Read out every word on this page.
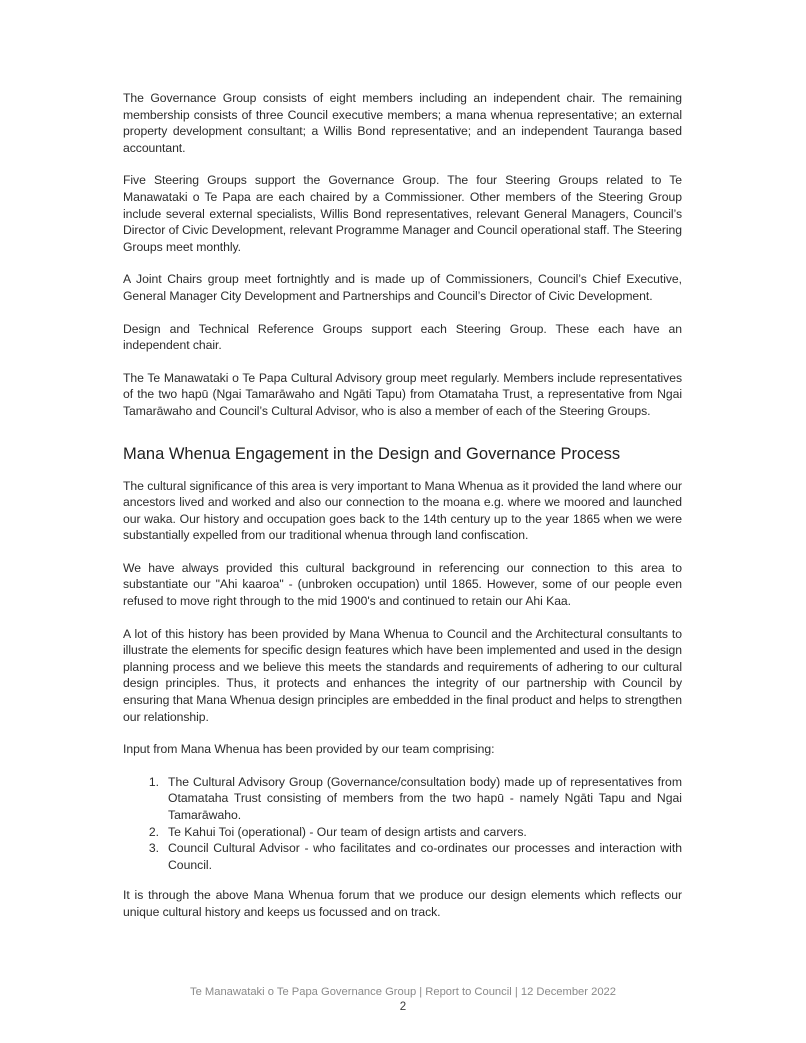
The Governance Group consists of eight members including an independent chair. The remaining membership consists of three Council executive members; a mana whenua representative; an external property development consultant; a Willis Bond representative; and an independent Tauranga based accountant.

Five Steering Groups support the Governance Group. The four Steering Groups related to Te Manawataki o Te Papa are each chaired by a Commissioner. Other members of the Steering Group include several external specialists, Willis Bond representatives, relevant General Managers, Council’s Director of Civic Development, relevant Programme Manager and Council operational staff. The Steering Groups meet monthly.

A Joint Chairs group meet fortnightly and is made up of Commissioners, Council’s Chief Executive, General Manager City Development and Partnerships and Council’s Director of Civic Development.

Design and Technical Reference Groups support each Steering Group. These each have an independent chair.

The Te Manawataki o Te Papa Cultural Advisory group meet regularly. Members include representatives of the two hapū (Ngai Tamarāwaho and Ngāti Tapu) from Otamataha Trust, a representative from Ngai Tamarāwaho and Council’s Cultural Advisor, who is also a member of each of the Steering Groups.

Mana Whenua Engagement in the Design and Governance Process

The cultural significance of this area is very important to Mana Whenua as it provided the land where our ancestors lived and worked and also our connection to the moana e.g. where we moored and launched our waka. Our history and occupation goes back to the 14th century up to the year 1865 when we were substantially expelled from our traditional whenua through land confiscation.

We have always provided this cultural background in referencing our connection to this area to substantiate our "Ahi kaaroa" - (unbroken occupation) until 1865. However, some of our people even refused to move right through to the mid 1900's and continued to retain our Ahi Kaa.

A lot of this history has been provided by Mana Whenua to Council and the Architectural consultants to illustrate the elements for specific design features which have been implemented and used in the design planning process and we believe this meets the standards and requirements of adhering to our cultural design principles. Thus, it protects and enhances the integrity of our partnership with Council by ensuring that Mana Whenua design principles are embedded in the final product and helps to strengthen our relationship.

Input from Mana Whenua has been provided by our team comprising:

1. The Cultural Advisory Group (Governance/consultation body) made up of representatives from Otamataha Trust consisting of members from the two hapū - namely Ngāti Tapu and Ngai Tamarāwaho.
2. Te Kahui Toi (operational) - Our team of design artists and carvers.
3. Council Cultural Advisor - who facilitates and co-ordinates our processes and interaction with Council.

It is through the above Mana Whenua forum that we produce our design elements which reflects our unique cultural history and keeps us focussed and on track.

Te Manawataki o Te Papa Governance Group | Report to Council | 12 December 2022
2
